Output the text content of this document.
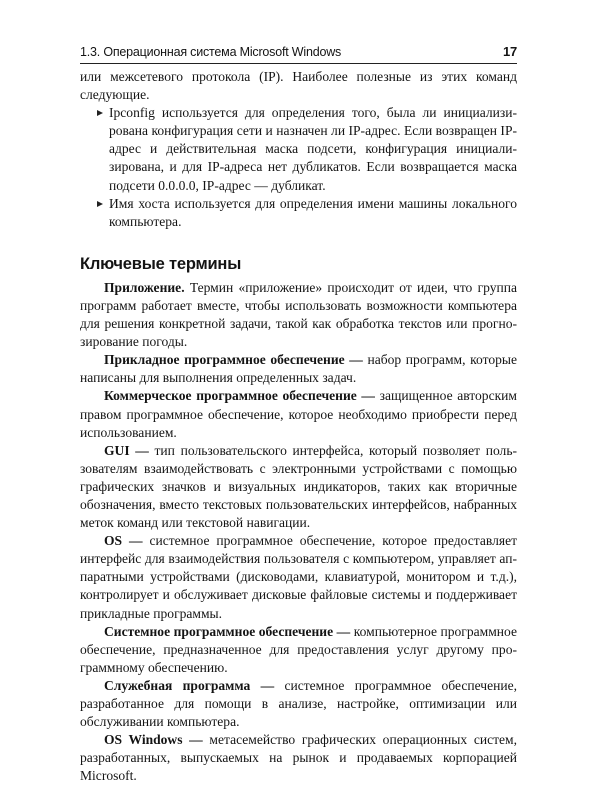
1.3. Операционная система Microsoft Windows	17

или межсетевого протокола (IP). Наиболее полезные из этих команд следующие.

Ipconfig используется для определения того, была ли инициализирована конфигурация сети и назначен ли IP-адрес. Если возвращен IP-адрес и действительная маска подсети, конфигурация инициализирована, и для IP-адреса нет дубликатов. Если возвращается маска подсети 0.0.0.0, IP-адрес — дубликат.
Имя хоста используется для определения имени машины локального компьютера.
Ключевые термины

Приложение. Термин «приложение» происходит от идеи, что группа программ работает вместе, чтобы использовать возможности компьютера для решения конкретной задачи, такой как обработка текстов или прогнозирование погоды.

Прикладное программное обеспечение — набор программ, которые написаны для выполнения определенных задач.

Коммерческое программное обеспечение — защищенное авторским правом программное обеспечение, которое необходимо приобрести перед использованием.

GUI — тип пользовательского интерфейса, который позволяет пользователям взаимодействовать с электронными устройствами с помощью графических значков и визуальных индикаторов, таких как вторичные обозначения, вместо текстовых пользовательских интерфейсов, набранных меток команд или текстовой навигации.

OS — системное программное обеспечение, которое предоставляет интерфейс для взаимодействия пользователя с компьютером, управляет аппаратными устройствами (дисководами, клавиатурой, монитором и т.д.), контролирует и обслуживает дисковые файловые системы и поддерживает прикладные программы.

Системное программное обеспечение — компьютерное программное обеспечение, предназначенное для предоставления услуг другому программному обеспечению.

Служебная программа — системное программное обеспечение, разработанное для помощи в анализе, настройке, оптимизации или обслуживании компьютера.

OS Windows — метасемейство графических операционных систем, разработанных, выпускаемых на рынок и продаваемых корпорацией Microsoft.
